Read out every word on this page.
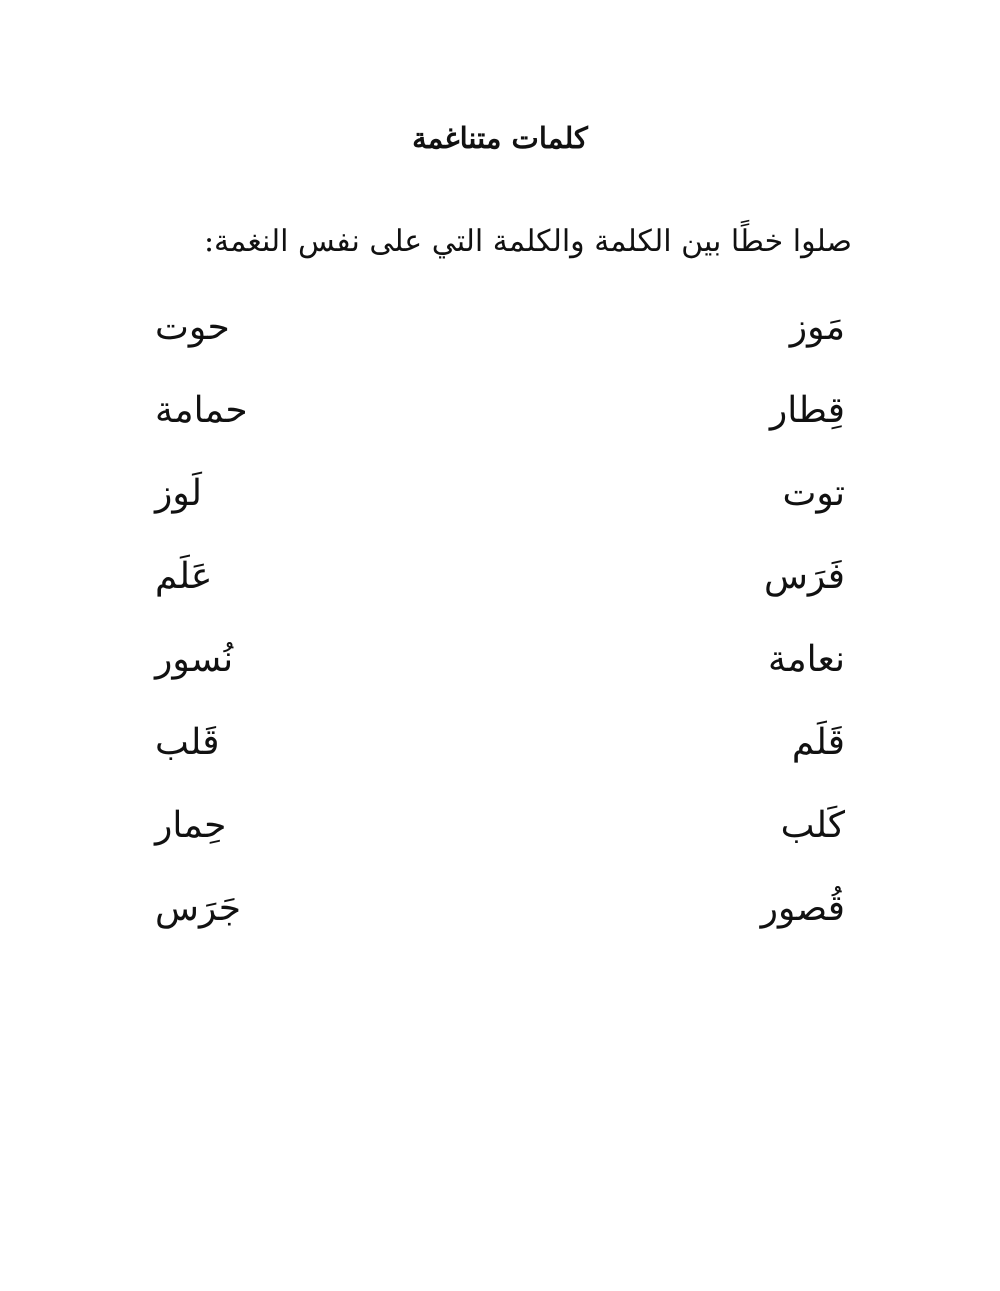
كلمات متناغمة
صلوا خطًا بين الكلمة والكلمة التي على نفس النغمة:
مَوز
حوت
قِطار
حمامة
توت
لَوز
فَرَس
عَلَم
نعامة
نُسور
قَلَم
قَلب
كَلب
حِمار
قُصور
جَرَس
